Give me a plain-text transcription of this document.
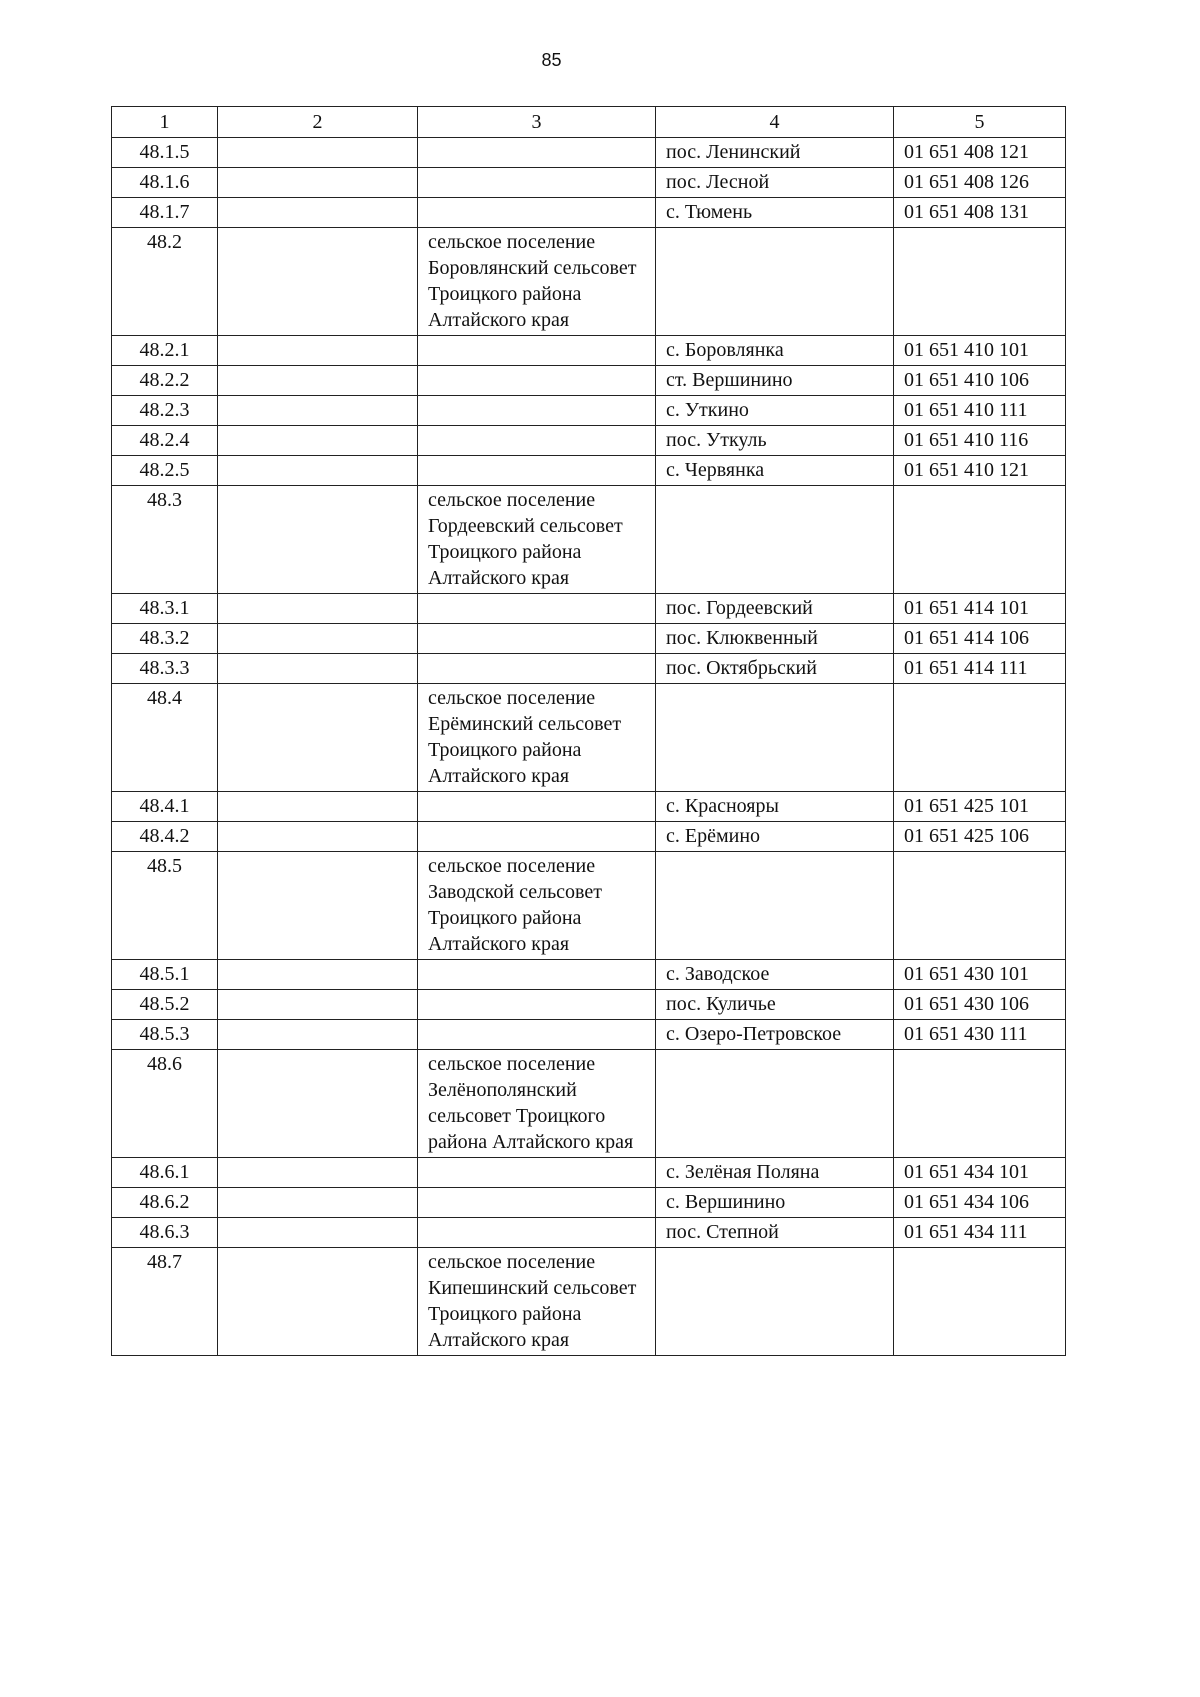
85
1	2	3	4	5
48.1.5			пос. Ленинский	01 651 408 121
48.1.6			пос. Лесной	01 651 408 126
48.1.7			с. Тюмень	01 651 408 131
48.2		сельское поселение Боровлянский сельсовет Троицкого района Алтайского края		
48.2.1			с. Боровлянка	01 651 410 101
48.2.2			ст. Вершинино	01 651 410 106
48.2.3			с. Уткино	01 651 410 111
48.2.4			пос. Уткуль	01 651 410 116
48.2.5			с. Червянка	01 651 410 121
48.3		сельское поселение Гордеевский сельсовет Троицкого района Алтайского края		
48.3.1			пос. Гордеевский	01 651 414 101
48.3.2			пос. Клюквенный	01 651 414 106
48.3.3			пос. Октябрьский	01 651 414 111
48.4		сельское поселение Ерёминский сельсовет Троицкого района Алтайского края		
48.4.1			с. Краснояры	01 651 425 101
48.4.2			с. Ерёмино	01 651 425 106
48.5		сельское поселение Заводской сельсовет Троицкого района Алтайского края		
48.5.1			с. Заводское	01 651 430 101
48.5.2			пос. Куличье	01 651 430 106
48.5.3			с. Озеро-Петровское	01 651 430 111
48.6		сельское поселение Зелёнополянский сельсовет Троицкого района Алтайского края		
48.6.1			с. Зелёная Поляна	01 651 434 101
48.6.2			с. Вершинино	01 651 434 106
48.6.3			пос. Степной	01 651 434 111
48.7		сельское поселение Кипешинский сельсовет Троицкого района Алтайского края		
